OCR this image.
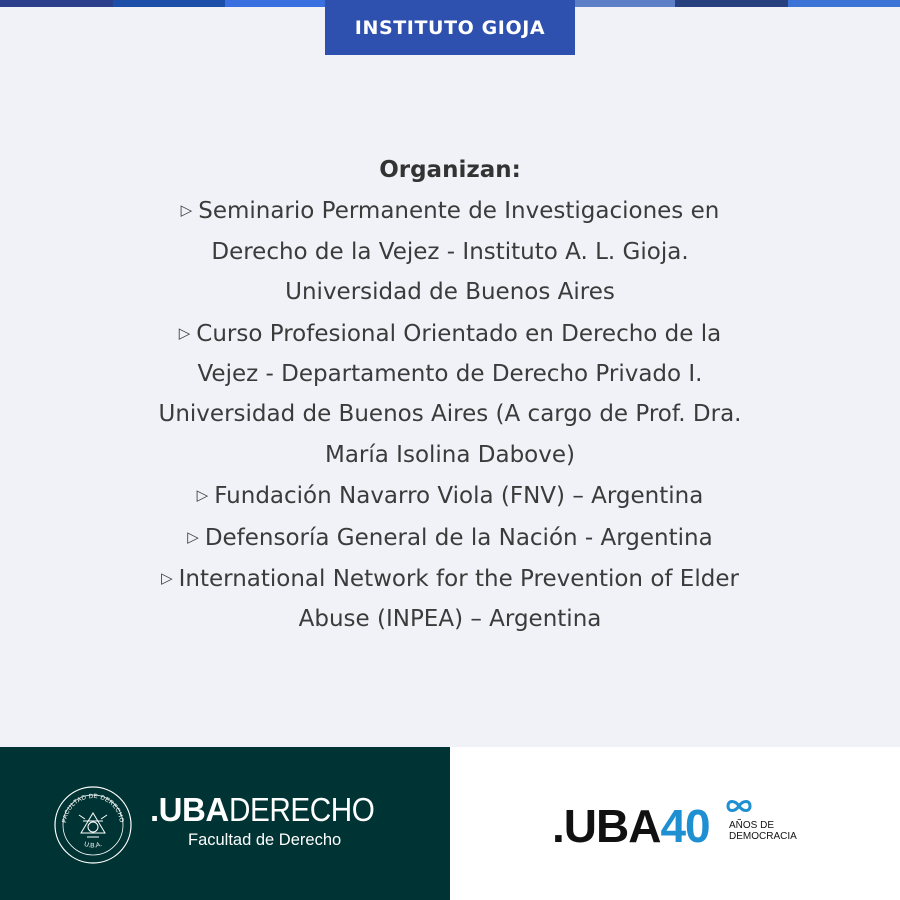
INSTITUTO GIOJA
Organizan:
▷ Seminario Permanente de Investigaciones en
Derecho de la Vejez - Instituto A. L. Gioja.
Universidad de Buenos Aires
▷ Curso Profesional Orientado en Derecho de la
Vejez - Departamento de Derecho Privado I.
Universidad de Buenos Aires (A cargo de Prof. Dra.
María Isolina Dabove)
▷ Fundación Navarro Viola (FNV) – Argentina
▷ Defensoría General de la Nación - Argentina
▷ International Network for the Prevention of Elder
Abuse (INPEA) – Argentina
FACULTAD DE DERECHO
U.B.A.
.UBADERECHO
Facultad de Derecho	.UBA40 AÑOS DE
DEMOCRACIA
